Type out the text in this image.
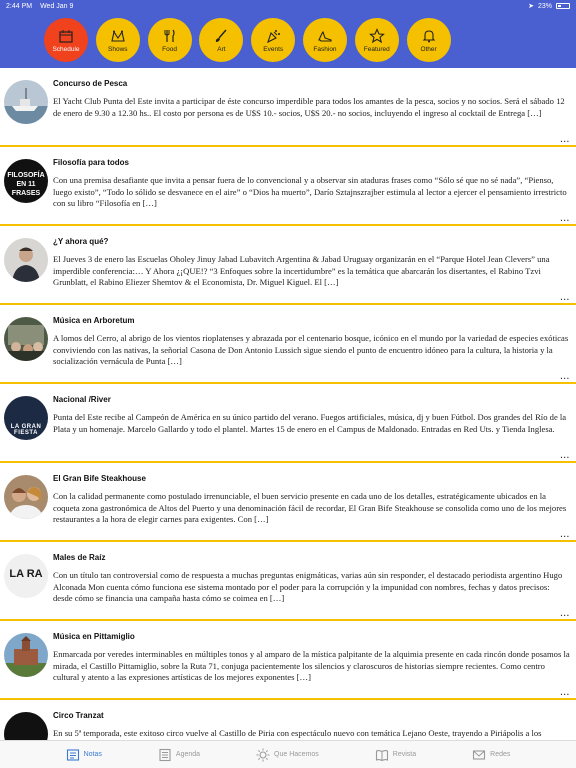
2:44 PM Wed Jan 9	➤ 23%
Schedule	Shows	Food	Art	Events	Fashion	Featured	Other
Concurso de Pesca
El Yacht Club Punta del Este invita a participar de éste concurso imperdible para todos los amantes de la pesca, socios y no socios. Será el sábado 12 de enero de 9.30 a 12.30 hs.. El costo por persona es de U$S 10.- socios, U$S 20.- no socios, incluyendo el ingreso al cocktail de Entrega […]
...
FILOSOFÍA EN 11 FRASES
Filosofía para todos
Con una premisa desafiante que invita a pensar fuera de lo convencional y a observar sin ataduras frases como “Sólo sé que no sé nada”, “Pienso, luego existo”, “Todo lo sólido se desvanece en el aire” o “Dios ha muerto”, Darío Sztajnszrajber estimula al lector a ejercer el pensamiento irrestricto con su libro “Filosofía en […]
...
¿Y ahora qué?
El Jueves 3 de enero las Escuelas Oholey Jinuy Jabad Lubavitch Argentina & Jabad Uruguay organizarán en el “Parque Hotel Jean Clevers” una imperdible conferencia:… Y Ahora ¿¡QUE!? “3 Enfoques sobre la incertidumbre” es la temática que abarcarán los disertantes, el Rabino Tzvi Grunblatt, el Rabino Eliezer Shemtov & el Economista, Dr. Miguel Kiguel. El […]
...
Música en Arboretum
A lomos del Cerro, al abrigo de los vientos rioplatenses y abrazada por el centenario bosque, icónico en el mundo por la variedad de especies exóticas conviviendo con las nativas, la señorial Casona de Don Antonio Lussich sigue siendo el punto de encuentro idóneo para la cultura, la historia y la socialización vernácula de Punta […]
...
LA GRAN FIESTA
Nacional /River
Punta del Este recibe al Campeón de América en su único partido del verano. Fuegos artificiales, música, dj y buen Fútbol. Dos grandes del Río de la Plata y un homenaje. Marcelo Gallardo y todo el plantel. Martes 15 de enero en el Campus de Maldonado. Entradas en Red Uts. y Tienda Inglesa.
...
El Gran Bife Steakhouse
Con la calidad permanente como postulado irrenunciable, el buen servicio presente en cada uno de los detalles, estratégicamente ubicados en la coqueta zona gastronómica de Altos del Puerto y una denominación fácil de recordar, El Gran Bife Steakhouse se consolida como uno de los mejores restaurantes a la hora de elegir carnes para exigentes. Con […]
...
LA RA
Males de Raíz
Con un título tan controversial como de respuesta a muchas preguntas enigmáticas, varias aún sin responder, el destacado periodista argentino Hugo Alconada Mon cuenta cómo funciona ese sistema montado por el poder para la corrupción y la impunidad con nombres, fechas y datos precisos: desde cómo se financia una campaña hasta cómo se coimea en […]
...
Música en Pittamiglio
Enmarcada por veredes interminables en múltiples tonos y al amparo de la mística palpitante de la alquimia presente en cada rincón donde posamos la mirada, el Castillo Pittamiglio, sobre la Ruta 71, conjuga pacientemente los silencios y claroscuros de historias siempre recientes. Como centro cultural y atento a las expresiones artísticas de los mejores exponentes […]
...
Circo Tranzat
En su 5ª temporada, este exitoso circo vuelve al Castillo de Piria con espectáculo nuevo con temática Lejano Oeste, trayendo a Piriápolis a los
Notas	Agenda	Que Hacemos	Revista	Redes
